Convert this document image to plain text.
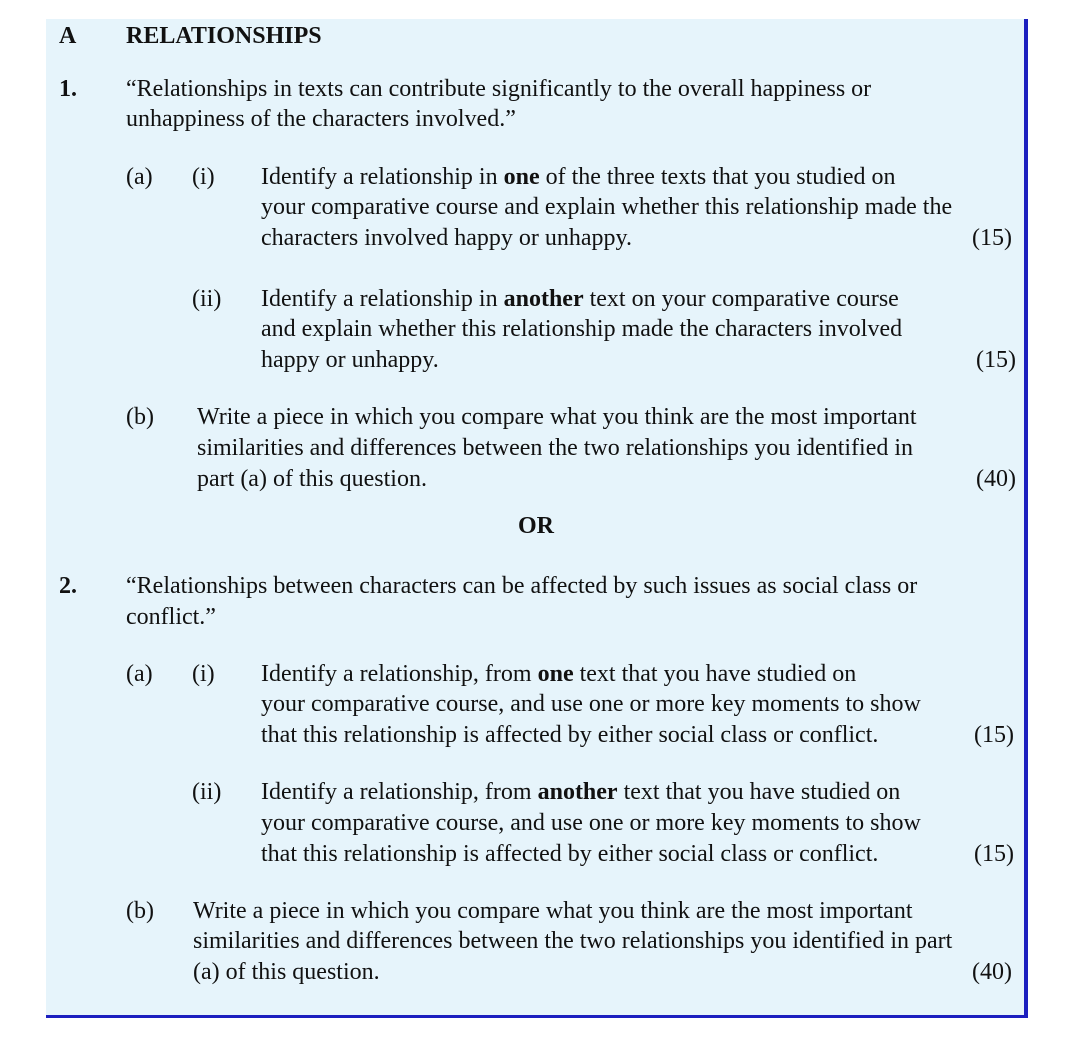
A RELATIONSHIPS
1. “Relationships in texts can contribute significantly to the overall happiness or
unhappiness of the characters involved.”
(a) (i) Identify a relationship in one of the three texts that you studied on
your comparative course and explain whether this relationship made the
characters involved happy or unhappy.	(15)
(ii) Identify a relationship in another text on your comparative course
and explain whether this relationship made the characters involved
happy or unhappy.	(15)
(b) Write a piece in which you compare what you think are the most important
similarities and differences between the two relationships you identified in
part (a) of this question.	(40)
OR
2. “Relationships between characters can be affected by such issues as social class or
conflict.”
(a) (i) Identify a relationship, from one text that you have studied on
your comparative course, and use one or more key moments to show
that this relationship is affected by either social class or conflict.	(15)
(ii) Identify a relationship, from another text that you have studied on
your comparative course, and use one or more key moments to show
that this relationship is affected by either social class or conflict.	(15)
(b) Write a piece in which you compare what you think are the most important
similarities and differences between the two relationships you identified in part
(a) of this question.	(40)
